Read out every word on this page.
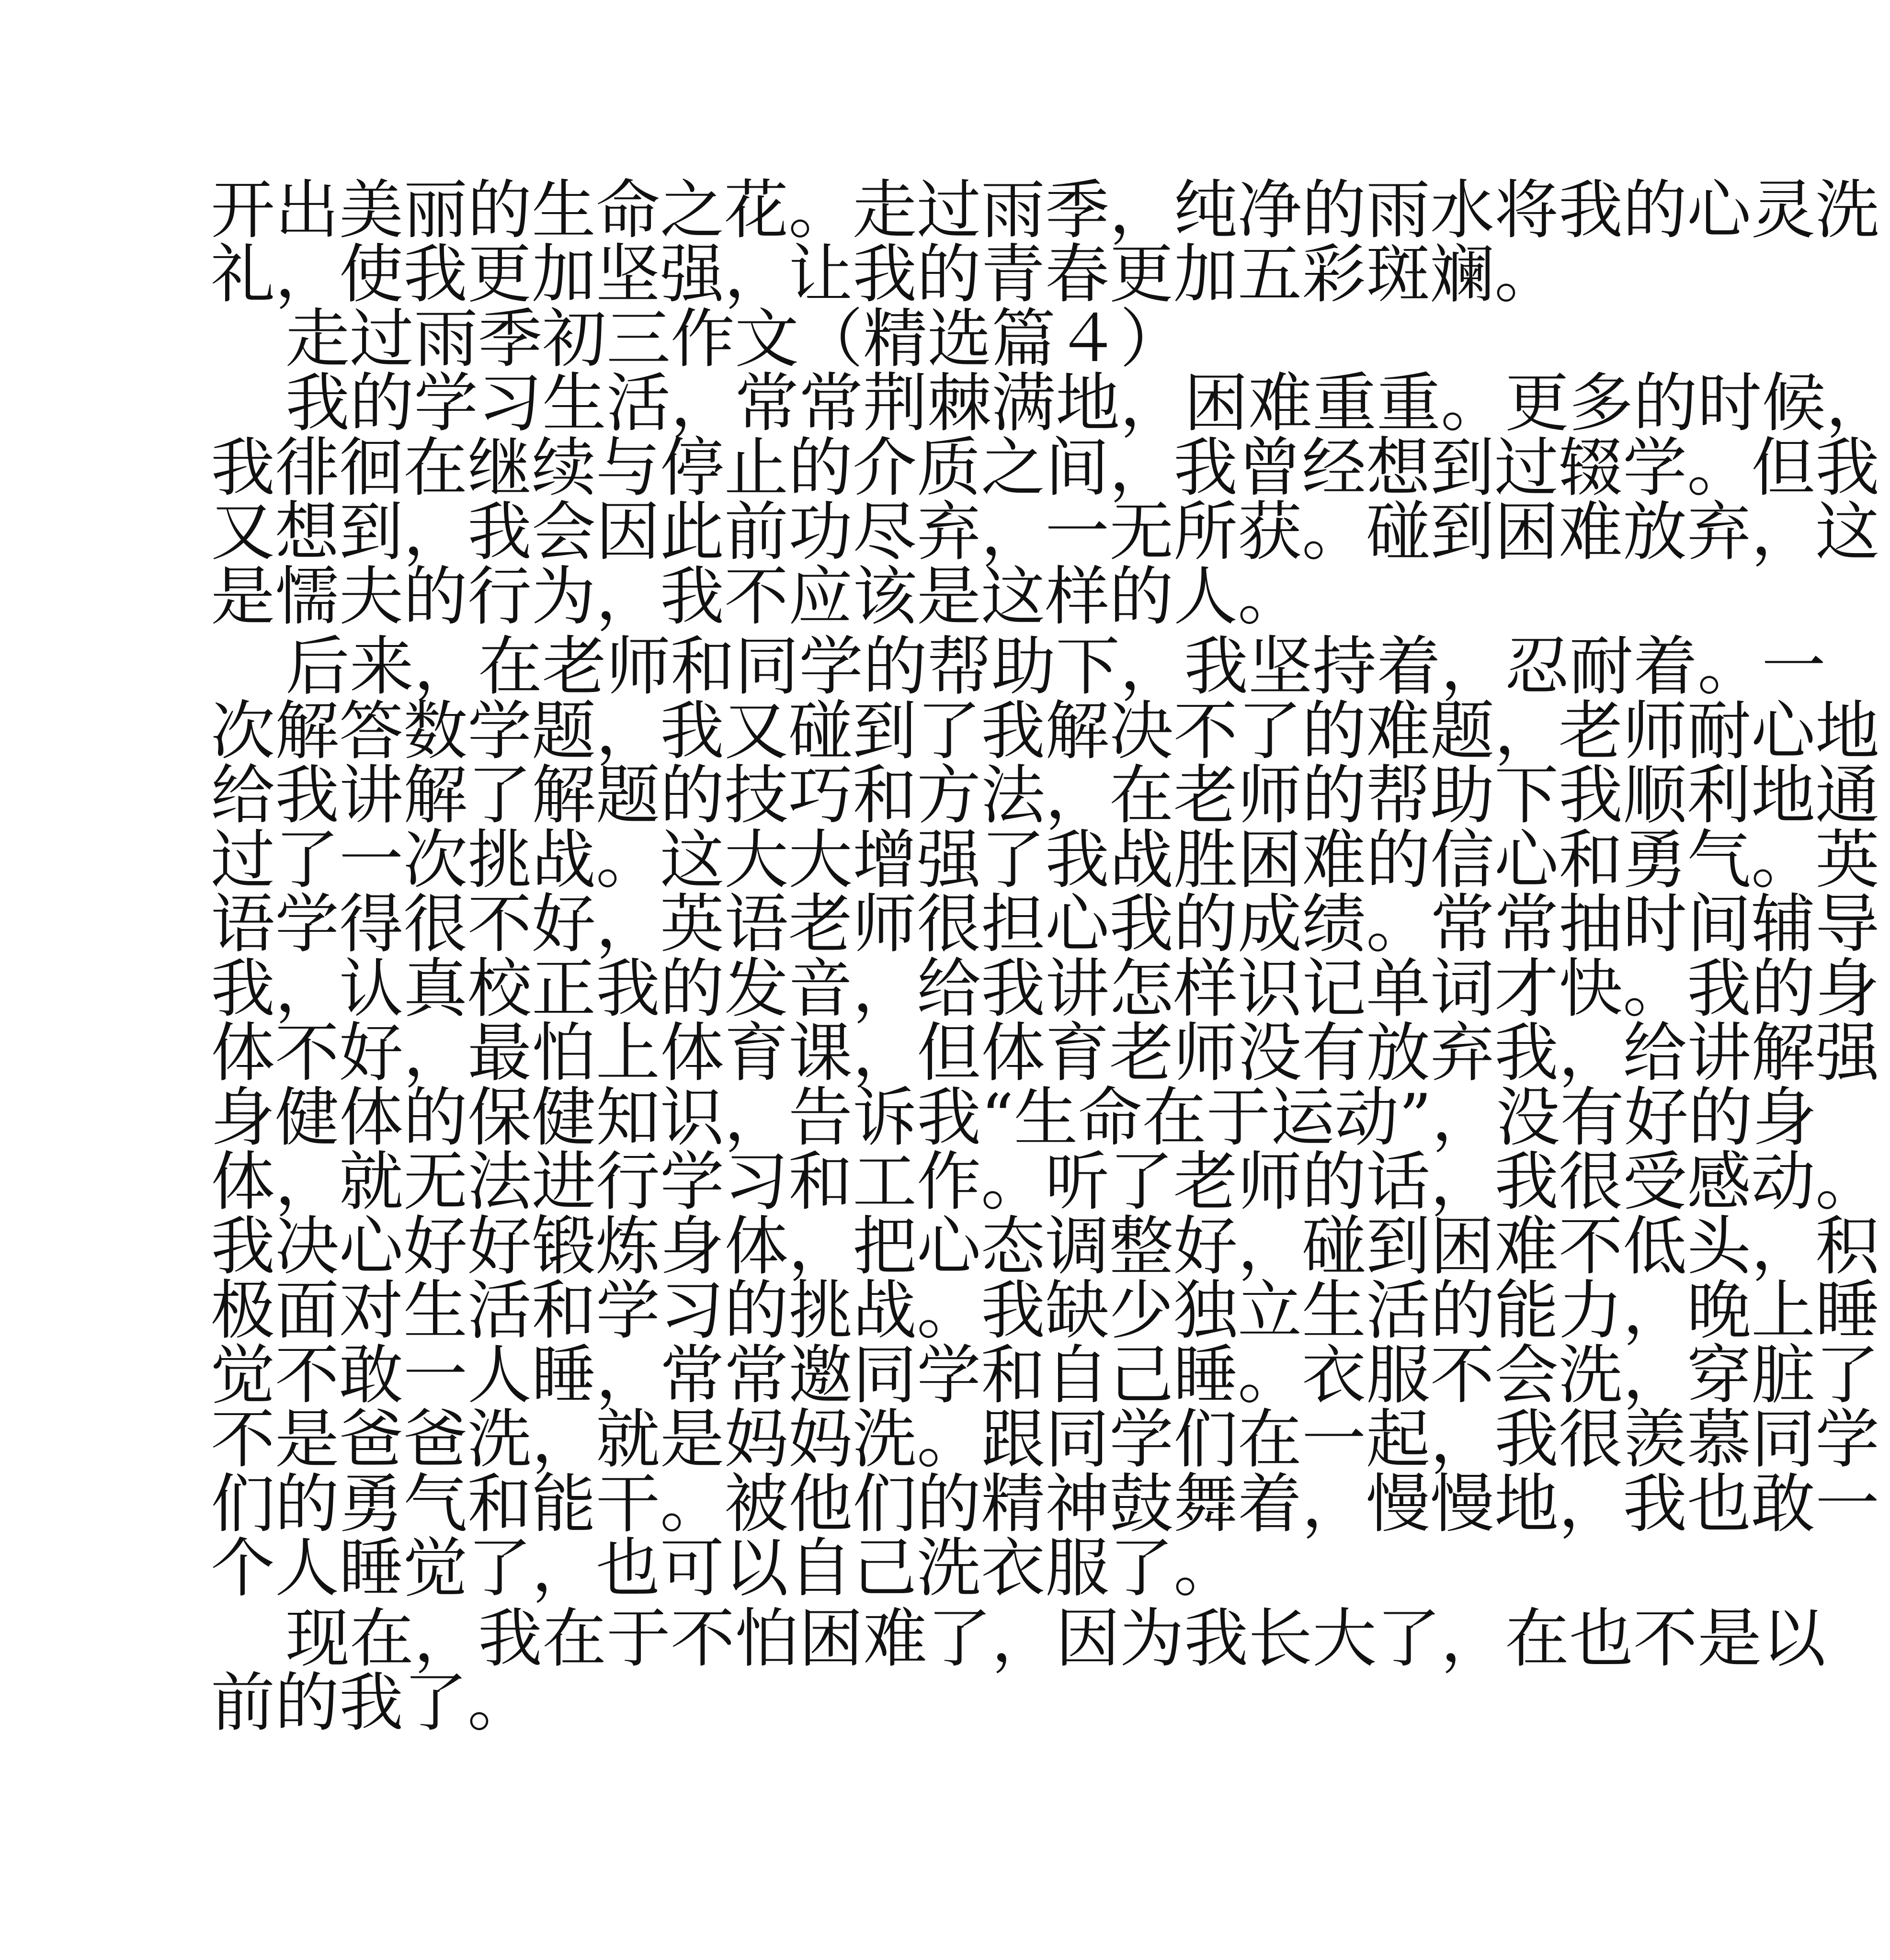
开出美丽的生命之花。走过雨季，纯净的雨水将我的心灵洗
礼，使我更加坚强，让我的青春更加五彩斑斓。
走过雨季初三作文（精选篇４）
我的学习生活，常常荆棘满地，困难重重。更多的时候，
我徘徊在继续与停止的介质之间，我曾经想到过辍学。但我
又想到，我会因此前功尽弃，一无所获。碰到困难放弃，这
是懦夫的行为，我不应该是这样的人。
后来，在老师和同学的帮助下，我坚持着，忍耐着。一
次解答数学题，我又碰到了我解决不了的难题，老师耐心地
给我讲解了解题的技巧和方法，在老师的帮助下我顺利地通
过了一次挑战。这大大增强了我战胜困难的信心和勇气。英
语学得很不好，英语老师很担心我的成绩。常常抽时间辅导
我，认真校正我的发音，给我讲怎样识记单词才快。我的身
体不好，最怕上体育课，但体育老师没有放弃我，给讲解强
身健体的保健知识，告诉我“生命在于运动”，没有好的身
体，就无法进行学习和工作。听了老师的话，我很受感动。
我决心好好锻炼身体，把心态调整好，碰到困难不低头，积
极面对生活和学习的挑战。我缺少独立生活的能力，晚上睡
觉不敢一人睡，常常邀同学和自己睡。衣服不会洗，穿脏了
不是爸爸洗，就是妈妈洗。跟同学们在一起，我很羡慕同学
们的勇气和能干。被他们的精神鼓舞着，慢慢地，我也敢一
个人睡觉了，也可以自己洗衣服了。
现在，我在于不怕困难了，因为我长大了，在也不是以
前的我了。
